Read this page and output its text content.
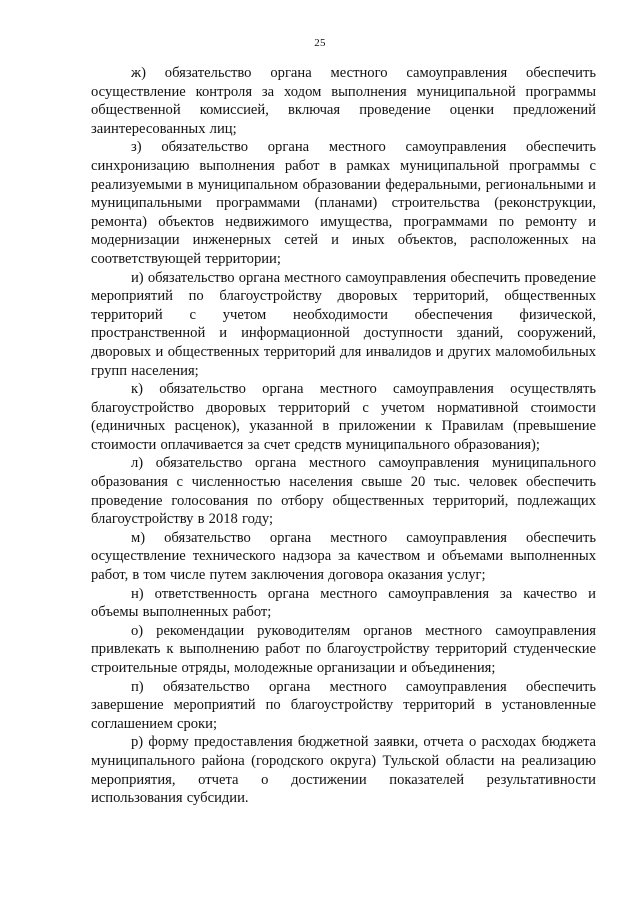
25

ж) обязательство органа местного самоуправления обеспечить осуществление контроля за ходом выполнения муниципальной программы общественной комиссией, включая проведение оценки предложений заинтересованных лиц;

з) обязательство органа местного самоуправления обеспечить синхронизацию выполнения работ в рамках муниципальной программы с реализуемыми в муниципальном образовании федеральными, региональными и муниципальными программами (планами) строительства (реконструкции, ремонта) объектов недвижимого имущества, программами по ремонту и модернизации инженерных сетей и иных объектов, расположенных на соответствующей территории;

и) обязательство органа местного самоуправления обеспечить проведение мероприятий по благоустройству дворовых территорий, общественных территорий с учетом необходимости обеспечения физической, пространственной и информационной доступности зданий, сооружений, дворовых и общественных территорий для инвалидов и других маломобильных групп населения;

к) обязательство органа местного самоуправления осуществлять благоустройство дворовых территорий с учетом нормативной стоимости (единичных расценок), указанной в приложении к Правилам (превышение стоимости оплачивается за счет средств муниципального образования);

л) обязательство органа местного самоуправления муниципального образования с численностью населения свыше 20 тыс. человек обеспечить проведение голосования по отбору общественных территорий, подлежащих благоустройству в 2018 году;

м) обязательство органа местного самоуправления обеспечить осуществление технического надзора за качеством и объемами выполненных работ, в том числе путем заключения договора оказания услуг;

н) ответственность органа местного самоуправления за качество и объемы выполненных работ;

о) рекомендации руководителям органов местного самоуправления привлекать к выполнению работ по благоустройству территорий студенческие строительные отряды, молодежные организации и объединения;

п) обязательство органа местного самоуправления обеспечить завершение мероприятий по благоустройству территорий в установленные соглашением сроки;

р) форму предоставления бюджетной заявки, отчета о расходах бюджета муниципального района (городского округа) Тульской области на реализацию мероприятия, отчета о достижении показателей результативности использования субсидии.
